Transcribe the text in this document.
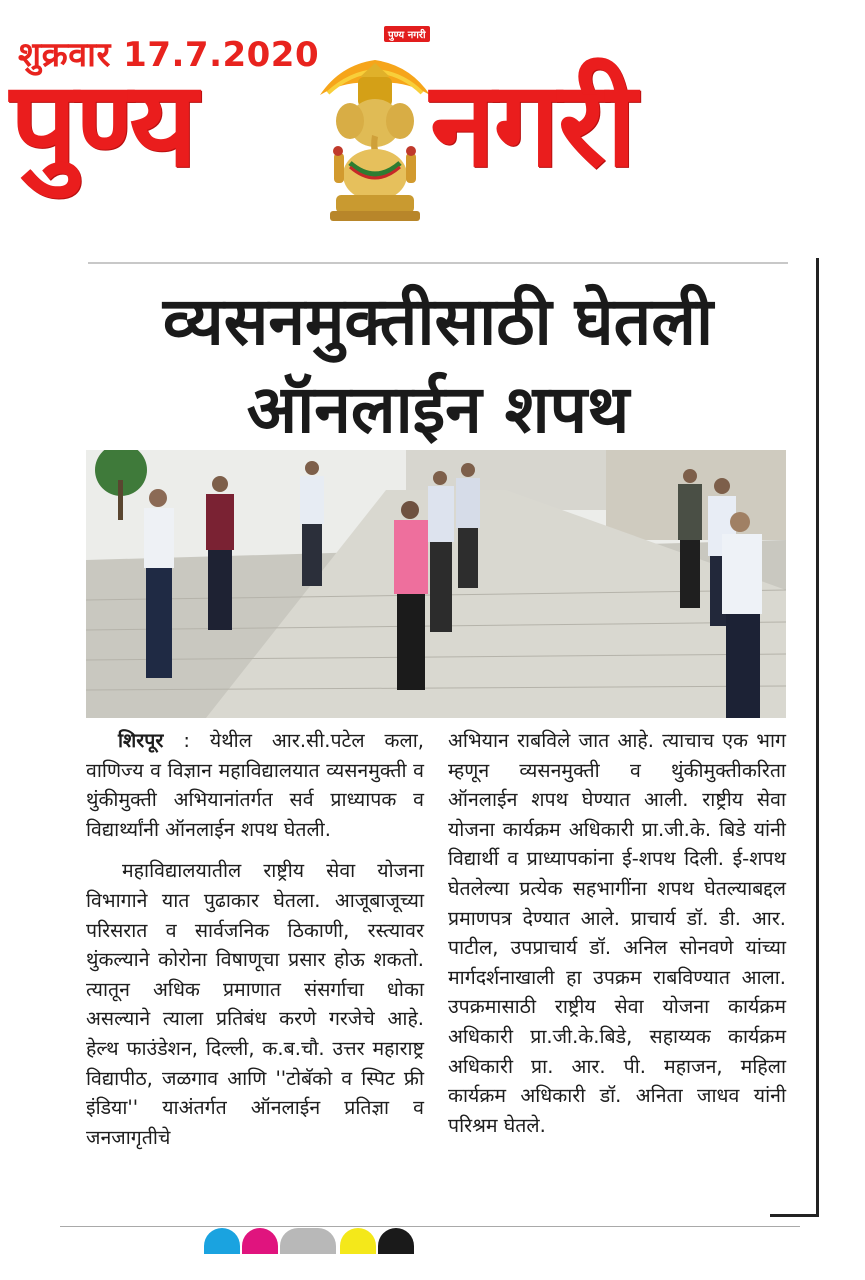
शुक्रवार 17.7.2020	पुण्य नगरी
पुण्य नगरी
व्यसनमुक्तीसाठी घेतली
ऑनलाईन शपथ

शिरपूर : येथील आर.सी.पटेल कला, वाणिज्य व विज्ञान महाविद्यालयात व्यसनमुक्ती व थुंकीमुक्ती अभियानांतर्गत सर्व प्राध्यापक व विद्यार्थ्यांनी ऑनलाईन शपथ घेतली.

महाविद्यालयातील राष्ट्रीय सेवा योजना विभागाने यात पुढाकार घेतला. आजूबाजूच्या परिसरात व सार्वजनिक ठिकाणी, रस्त्यावर थुंकल्याने कोरोना विषाणूचा प्रसार होऊ शकतो. त्यातून अधिक प्रमाणात संसर्गाचा धोका असल्याने त्याला प्रतिबंध करणे गरजेचे आहे. हेल्थ फाउंडेशन, दिल्ली, क.ब.चौ. उत्तर महाराष्ट्र विद्यापीठ, जळगाव आणि ''टोबॅको व स्पिट फ्री इंडिया'' याअंतर्गत ऑनलाईन प्रतिज्ञा व जनजागृतीचे

अभियान राबविले जात आहे. त्याचाच एक भाग म्हणून व्यसनमुक्ती व थुंकीमुक्तीकरिता ऑनलाईन शपथ घेण्यात आली. राष्ट्रीय सेवा योजना कार्यक्रम अधिकारी प्रा.जी.के. बिडे यांनी विद्यार्थी व प्राध्यापकांना ई-शपथ दिली. ई-शपथ घेतलेल्या प्रत्येक सहभागींना शपथ घेतल्याबद्दल प्रमाणपत्र देण्यात आले. प्राचार्य डॉ. डी. आर. पाटील, उपप्राचार्य डॉ. अनिल सोनवणे यांच्या मार्गदर्शनाखाली हा उपक्रम राबविण्यात आला. उपक्रमासाठी राष्ट्रीय सेवा योजना कार्यक्रम अधिकारी प्रा.जी.के.बिडे, सहाय्यक कार्यक्रम अधिकारी प्रा. आर. पी. महाजन, महिला कार्यक्रम अधिकारी डॉ. अनिता जाधव यांनी परिश्रम घेतले.
